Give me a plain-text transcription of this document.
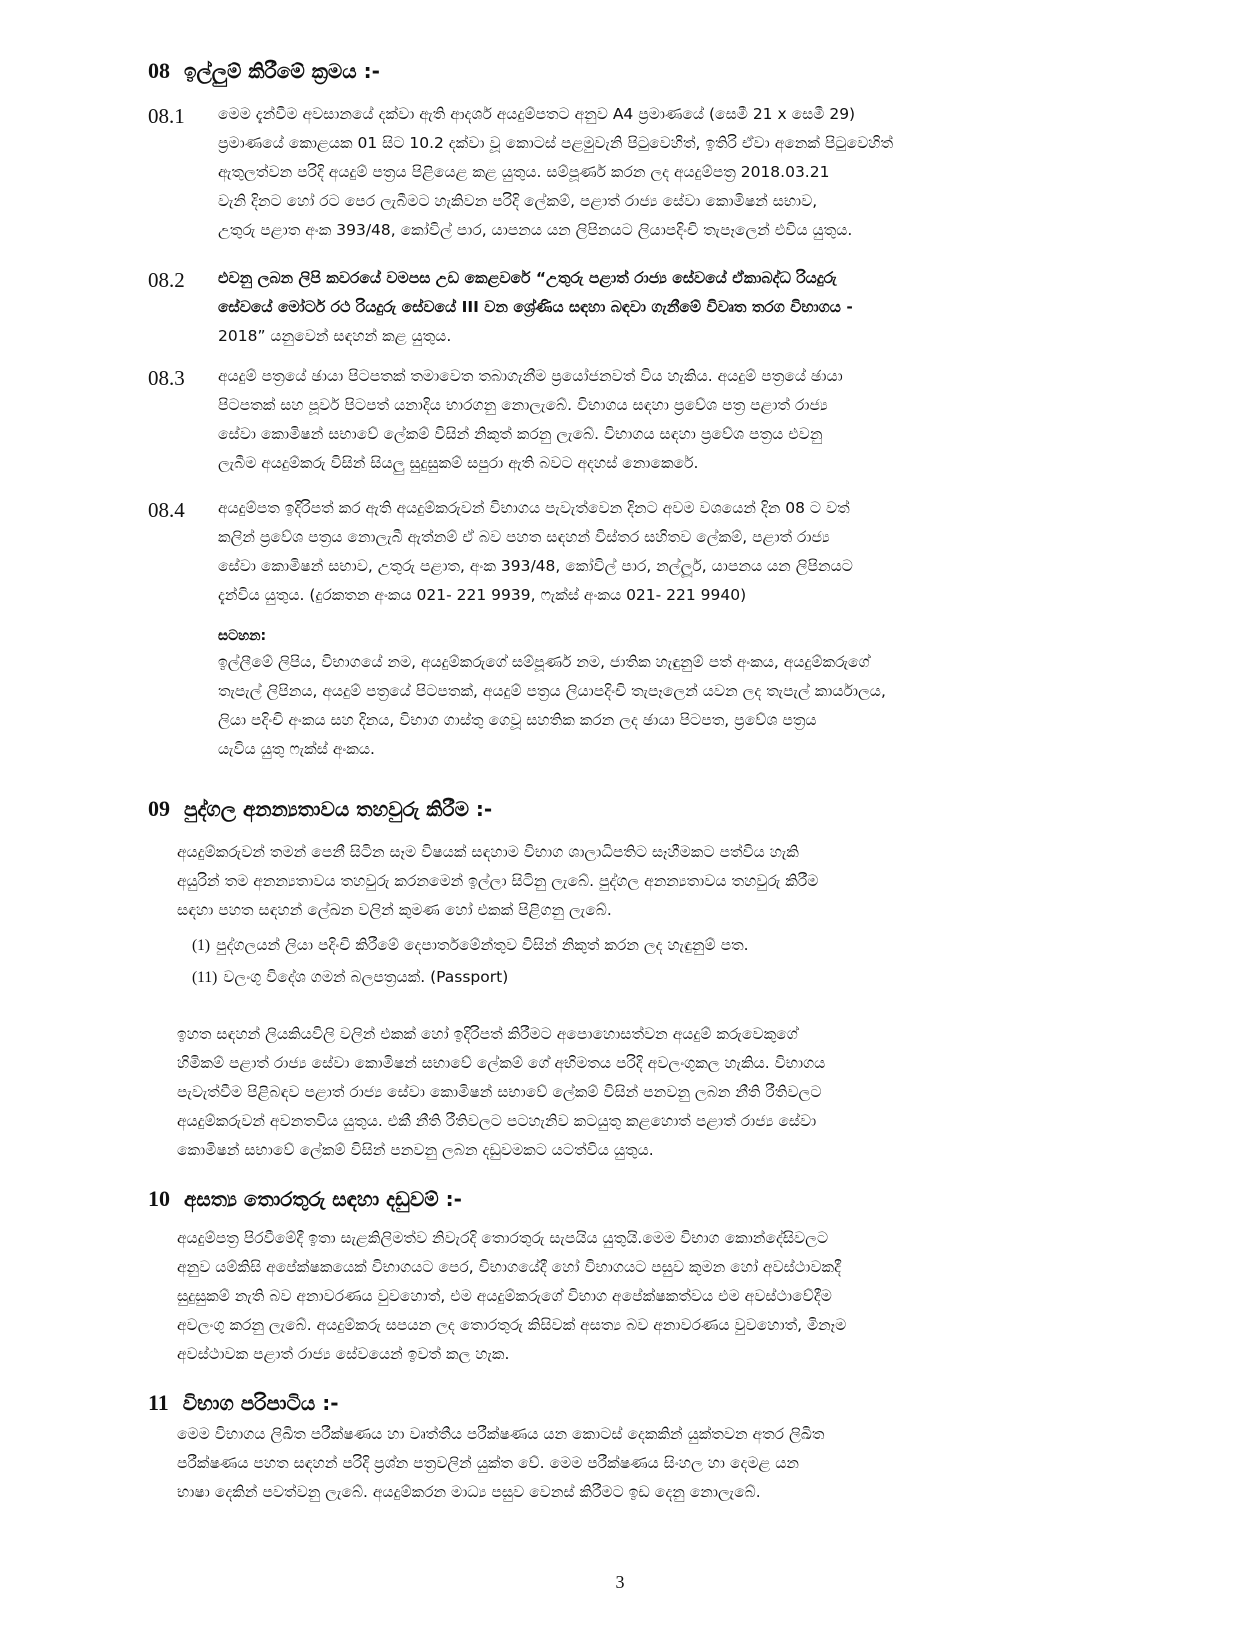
08 ඉල්ලුම් කිරීමේ ක්‍රමය :-
08.1 මෙම දැන්වීම අවසානයේ දක්වා ඇති ආදර්ශ අයදුම්පතට අනුව A4 ප්‍රමාණයේ (සෙමී 21 x සෙමී 29)
ප්‍රමාණයේ කොළයක 01 සිට 10.2 දක්වා වූ කොටස් පළමුවැනි පිටුවෙහිත්, ඉතිරි ඒවා අනෙක් පිටුවෙහිත්
ඇතුලත්වන පරිදි අයදුම් පත්‍රය පිළියෙළ කළ යුතුය. සම්පූර්ණ කරන ලද අයදුම්පත්‍ර 2018.03.21
වැනි දිනට හෝ රට පෙර ලැබීමට හැකිවන පරිදි ලේකම්, පළාත් රාජ්‍ය සේවා කොමිෂන් සභාව,
උතුරු පළාත අංක 393/48, කෝවිල් පාර, යාපනය යන ලිපිනයට ලියාපදිංචි තැපෑලෙන් එවිය යුතුය.
08.2 එවනු ලබන ලිපි කවරයේ වමපස උඩ කෙළවරේ “උතුරු පළාත් රාජ්‍ය සේවයේ ඒකාබද්ධ රියදුරු
සේවයේ මෝටර් රථ රියදුරු සේවයේ III වන ශ්‍රේණිය සඳහා බඳවා ගැනීමේ විවෘත තරග විභාගය -
2018” යනුවෙන් සඳහන් කළ යුතුය.
08.3 අයදුම් පත්‍රයේ ඡායා පිටපතක් තමාවෙත තබාගැනීම ප්‍රයෝජනවත් විය හැකිය. අයදුම් පත්‍රයේ ඡායා
පිටපතක් සහ පූර්ව පිටපත් යනාදිය භාරගනු නොලැබේ. විභාගය සඳහා ප්‍රවේශ පත්‍ර පළාත් රාජ්‍ය
සේවා කොමිෂන් සභාවේ ලේකම් විසින් නිකුත් කරනු ලැබේ. විභාගය සඳහා ප්‍රවේශ පත්‍රය එවනු
ලැබීම අයදුම්කරු විසින් සියලු සුදුසුකම් සපුරා ඇති බවට අදහස් නොකෙරේ.
08.4 අයදුම්පත ඉදිරිපත් කර ඇති අයදුම්කරුවන් විභාගය පැවැත්වෙන දිනට අවම වශයෙන් දින 08 ට වත්
කලින් ප්‍රවේශ පත්‍රය නොලැබී ඇත්නම් ඒ බව පහත සඳහන් විස්තර සහිතව ලේකම්, පළාත් රාජ්‍ය
සේවා කොමිෂන් සභාව, උතුරු පළාත, අංක 393/48, කෝවිල් පාර, නල්ලූර්, යාපනය යන ලිපිනයට
දැන්විය යුතුය. (දුරකතන අංකය 021- 221 9939, ෆැක්ස් අංකය 021- 221 9940)
සටහන:
ඉල්ලීමේ ලිපිය, විභාගයේ නම, අයදුම්කරුගේ සම්පූර්ණ නම, ජාතික හැඳුනුම් පත් අංකය, අයදුම්කරුගේ
තැපැල් ලිපිනය, අයදුම් පත්‍රයේ පිටපතක්, අයදුම් පත්‍රය ලියාපදිංචි තැපෑලෙන් යවන ලද තැපැල් කාර්යාලය,
ලියා පදිංචි අංකය සහ දිනය, විභාග ගාස්තු ගෙවූ සහතික කරන ලද ඡායා පිටපත, ප්‍රවේශ පත්‍රය
යැවිය යුතු ෆැක්ස් අංකය.
09 පුද්ගල අනන්‍යතාවය තහවුරු කිරීම :-
අයදුම්කරුවන් තමන් පෙනී සිටින සෑම විෂයක් සඳහාම විභාග ශාලාධිපතිට සෑහීමකට පත්විය හැකි
අයුරින් තම අනන්‍යතාවය තහවුරු කරනමෙන් ඉල්ලා සිටිනු ලැබේ. පුද්ගල අනන්‍යතාවය තහවුරු කිරීම
සඳහා පහත සඳහන් ලේඛන වලින් කුමණ හෝ එකක් පිළිගනු ලැබේ.
(1) පුද්ගලයන් ලියා පදිංචි කිරීමේ දෙපාර්තමේන්තුව විසින් නිකුත් කරන ලද හැඳුනුම් පත.
(11) වලංගු විදේශ ගමන් බලපත්‍රයක්. (Passport)
ඉහත සඳහන් ලියකියවිලි වලින් එකක් හෝ ඉදිරිපත් කිරීමට අපොහොසත්වන අයදුම් කරුවෙකුගේ
හිමිකම් පළාත් රාජ්‍ය සේවා කොමිෂන් සභාවේ ලේකම් ගේ අභිමතය පරිදි අවලංගුකල හැකිය. විභාගය
පැවැත්වීම පිළිබඳව පළාත් රාජ්‍ය සේවා කොමිෂන් සභාවේ ලේකම් විසින් පනවනු ලබන නීති රීතිවලට
අයදුම්කරුවන් අවනතවිය යුතුය. එකී නීති රීතිවලට පටහැනිව කටයුතු කළහොත් පළාත් රාජ්‍ය සේවා
කොමිෂන් සභාවේ ලේකම් විසින් පනවනු ලබන දඩුවමකට යටත්විය යුතුය.
10 අසත්‍ය තොරතුරු සඳහා දඩුවම් :-
අයදුම්පත්‍ර පිරවීමේදී ඉතා සැළකිලිමත්ව නිවැරදි තොරතුරු සැපයිය යුතුයි.මෙම විභාග කොන්දේසිවලට
අනුව යම්කිසි අපේක්ෂකයෙක් විභාගයට පෙර, විභාගයේදී හෝ විභාගයට පසුව කුමන හෝ අවස්ථාවකදී
සුදුසුකම් නැති බව අනාවරණය වුවහොත්, එම අයදුම්කරුගේ විභාග අපේක්ෂකත්වය එම අවස්ථාවේදීම
අවලංගු කරනු ලැබේ. අයදුම්කරු සපයන ලද තොරතුරු කිසිවක් අසත්‍ය බව අනාවරණය වුවහොත්, මිනෑම
අවස්ථාවක පළාත් රාජ්‍ය සේවයෙන් ඉවත් කල හැක.
11 විභාග පරිපාටිය :-
මෙම විභාගය ලිඛිත පරීක්ෂණය හා වෘත්තීය පරීක්ෂණය යන කොටස් දෙකකින් යුක්තවන අතර ලිඛිත
පරීක්ෂණය පහත සඳහන් පරිදි ප්‍රශ්න පත්‍රවලින් යුක්ත වේ. මෙම පරීක්ෂණය සිංහල හා දෙමළ යන
භාෂා දෙකින් පවත්වනු ලැබේ. අයදුම්කරන මාධ්‍ය පසුව වෙනස් කිරීමට ඉඩ දෙනු නොලැබේ.
3
